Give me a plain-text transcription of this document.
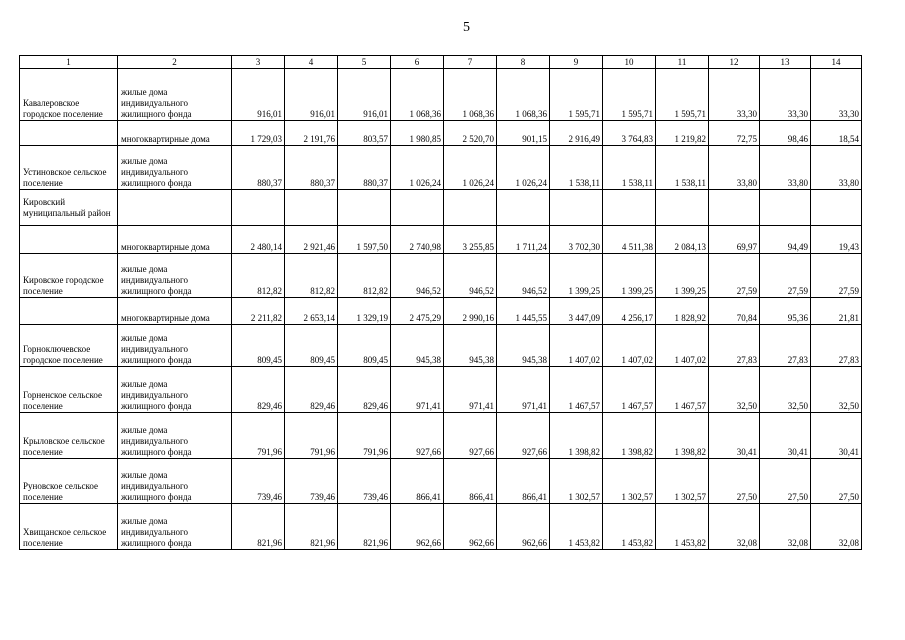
5
1	2	3	4	5	6	7	8	9	10	11	12	13	14
Кавалеровское городское поселение	жилые дома индивидуального жилищного фонда	916,01	916,01	916,01	1 068,36	1 068,36	1 068,36	1 595,71	1 595,71	1 595,71	33,30	33,30	33,30
	многоквартирные дома	1 729,03	2 191,76	803,57	1 980,85	2 520,70	901,15	2 916,49	3 764,83	1 219,82	72,75	98,46	18,54
Устиновское сельское поселение	жилые дома индивидуального жилищного фонда	880,37	880,37	880,37	1 026,24	1 026,24	1 026,24	1 538,11	1 538,11	1 538,11	33,80	33,80	33,80
Кировский муниципальный район													
	многоквартирные дома	2 480,14	2 921,46	1 597,50	2 740,98	3 255,85	1 711,24	3 702,30	4 511,38	2 084,13	69,97	94,49	19,43
Кировское городское поселение	жилые дома индивидуального жилищного фонда	812,82	812,82	812,82	946,52	946,52	946,52	1 399,25	1 399,25	1 399,25	27,59	27,59	27,59
	многоквартирные дома	2 211,82	2 653,14	1 329,19	2 475,29	2 990,16	1 445,55	3 447,09	4 256,17	1 828,92	70,84	95,36	21,81
Горноключевское городское поселение	жилые дома индивидуального жилищного фонда	809,45	809,45	809,45	945,38	945,38	945,38	1 407,02	1 407,02	1 407,02	27,83	27,83	27,83
Горненское сельское поселение	жилые дома индивидуального жилищного фонда	829,46	829,46	829,46	971,41	971,41	971,41	1 467,57	1 467,57	1 467,57	32,50	32,50	32,50
Крыловское сельское поселение	жилые дома индивидуального жилищного фонда	791,96	791,96	791,96	927,66	927,66	927,66	1 398,82	1 398,82	1 398,82	30,41	30,41	30,41
Руновское сельское поселение	жилые дома индивидуального жилищного фонда	739,46	739,46	739,46	866,41	866,41	866,41	1 302,57	1 302,57	1 302,57	27,50	27,50	27,50
Хвищанское сельское поселение	жилые дома индивидуального жилищного фонда	821,96	821,96	821,96	962,66	962,66	962,66	1 453,82	1 453,82	1 453,82	32,08	32,08	32,08
